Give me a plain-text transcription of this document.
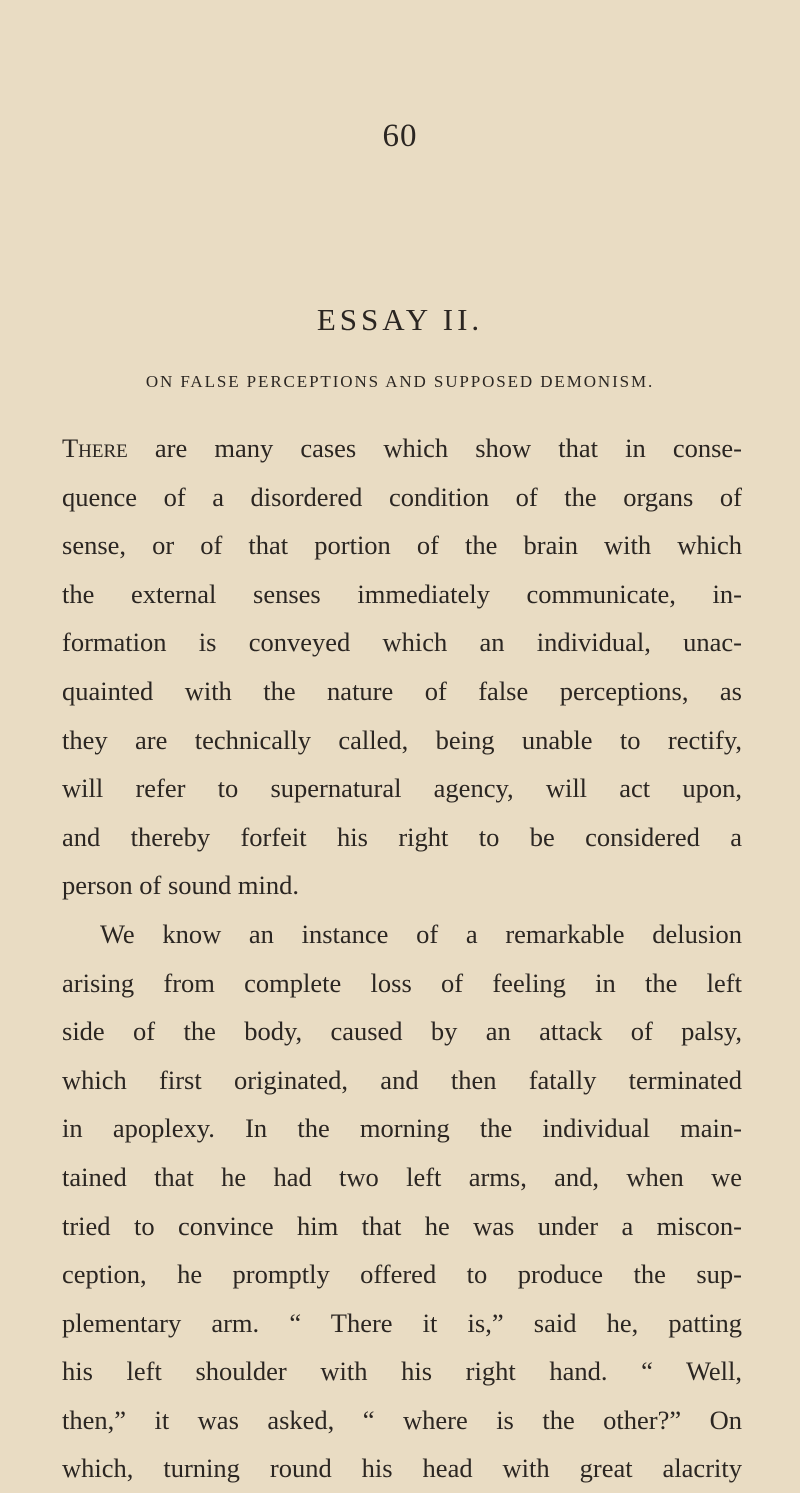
60
ESSAY II.
ON FALSE PERCEPTIONS AND SUPPOSED DEMONISM.
There are many cases which show that in conse-
quence of a disordered condition of the organs of
sense, or of that portion of the brain with which
the external senses immediately communicate, in-
formation is conveyed which an individual, unac-
quainted with the nature of false perceptions, as
they are technically called, being unable to rectify,
will refer to supernatural agency, will act upon,
and thereby forfeit his right to be considered a
person of sound mind.
We know an instance of a remarkable delusion
arising from complete loss of feeling in the left
side of the body, caused by an attack of palsy,
which first originated, and then fatally terminated
in apoplexy. In the morning the individual main-
tained that he had two left arms, and, when we
tried to convince him that he was under a miscon-
ception, he promptly offered to produce the sup-
plementary arm. “ There it is,” said he, patting
his left shoulder with his right hand. “ Well,
then,” it was asked, “ where is the other?” On
which, turning round his head with great alacrity
